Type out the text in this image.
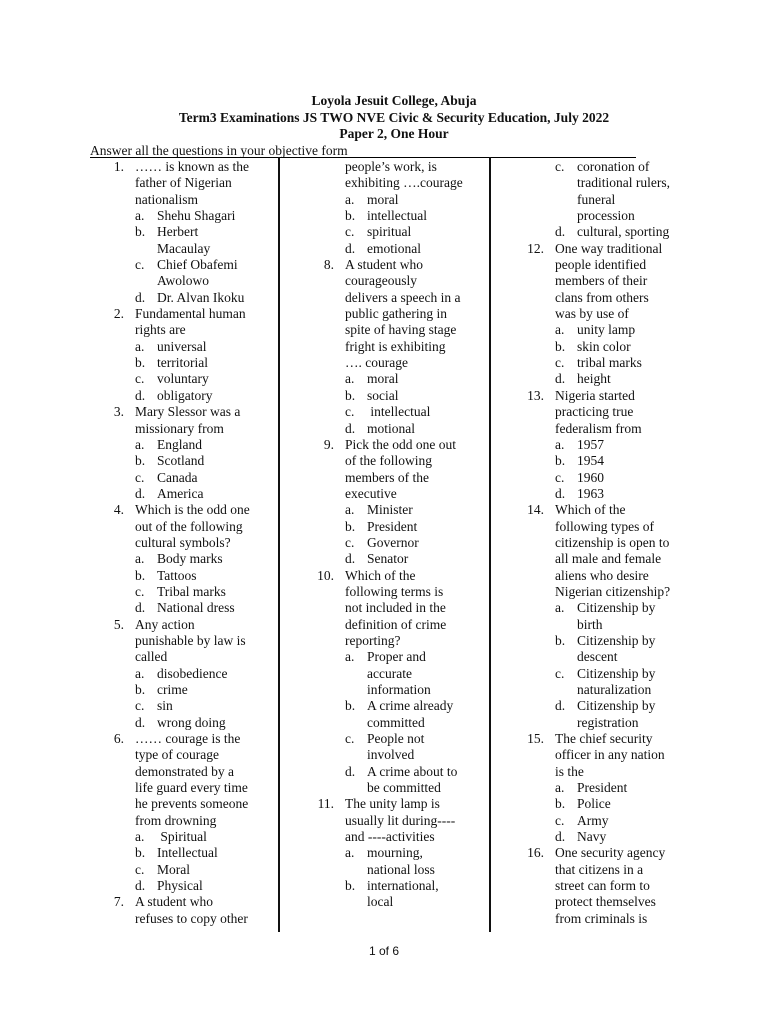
Loyola Jesuit College, Abuja
Term3 Examinations JS TWO NVE Civic & Security Education, July 2022
Paper 2, One Hour
Answer all the questions in your objective form
1. …… is known as the
father of Nigerian
nationalism
a. Shehu Shagari
b. Herbert
Macaulay
c. Chief Obafemi
Awolowo
d. Dr. Alvan Ikoku
2. Fundamental human
rights are
a. universal
b. territorial
c. voluntary
d. obligatory
3. Mary Slessor was a
missionary from
a. England
b. Scotland
c. Canada
d. America
4. Which is the odd one
out of the following
cultural symbols?
a. Body marks
b. Tattoos
c. Tribal marks
d. National dress
5. Any action
punishable by law is
called
a. disobedience
b. crime
c. sin
d. wrong doing
6. …… courage is the
type of courage
demonstrated by a
life guard every time
he prevents someone
from drowning
a. Spiritual
b. Intellectual
c. Moral
d. Physical
7. A student who
refuses to copy other
people’s work, is
exhibiting ….courage
a. moral
b. intellectual
c. spiritual
d. emotional
8. A student who
courageously
delivers a speech in a
public gathering in
spite of having stage
fright is exhibiting
…. courage
a. moral
b. social
c. intellectual
d. motional
9. Pick the odd one out
of the following
members of the
executive
a. Minister
b. President
c. Governor
d. Senator
10. Which of the
following terms is
not included in the
definition of crime
reporting?
a. Proper and
accurate
information
b. A crime already
committed
c. People not
involved
d. A crime about to
be committed
11. The unity lamp is
usually lit during----
and ----activities
a. mourning,
national loss
b. international,
local
c. coronation of
traditional rulers,
funeral
procession
d. cultural, sporting
12. One way traditional
people identified
members of their
clans from others
was by use of
a. unity lamp
b. skin color
c. tribal marks
d. height
13. Nigeria started
practicing true
federalism from
a. 1957
b. 1954
c. 1960
d. 1963
14. Which of the
following types of
citizenship is open to
all male and female
aliens who desire
Nigerian citizenship?
a. Citizenship by
birth
b. Citizenship by
descent
c. Citizenship by
naturalization
d. Citizenship by
registration
15. The chief security
officer in any nation
is the
a. President
b. Police
c. Army
d. Navy
16. One security agency
that citizens in a
street can form to
protect themselves
from criminals is
1 of 6
